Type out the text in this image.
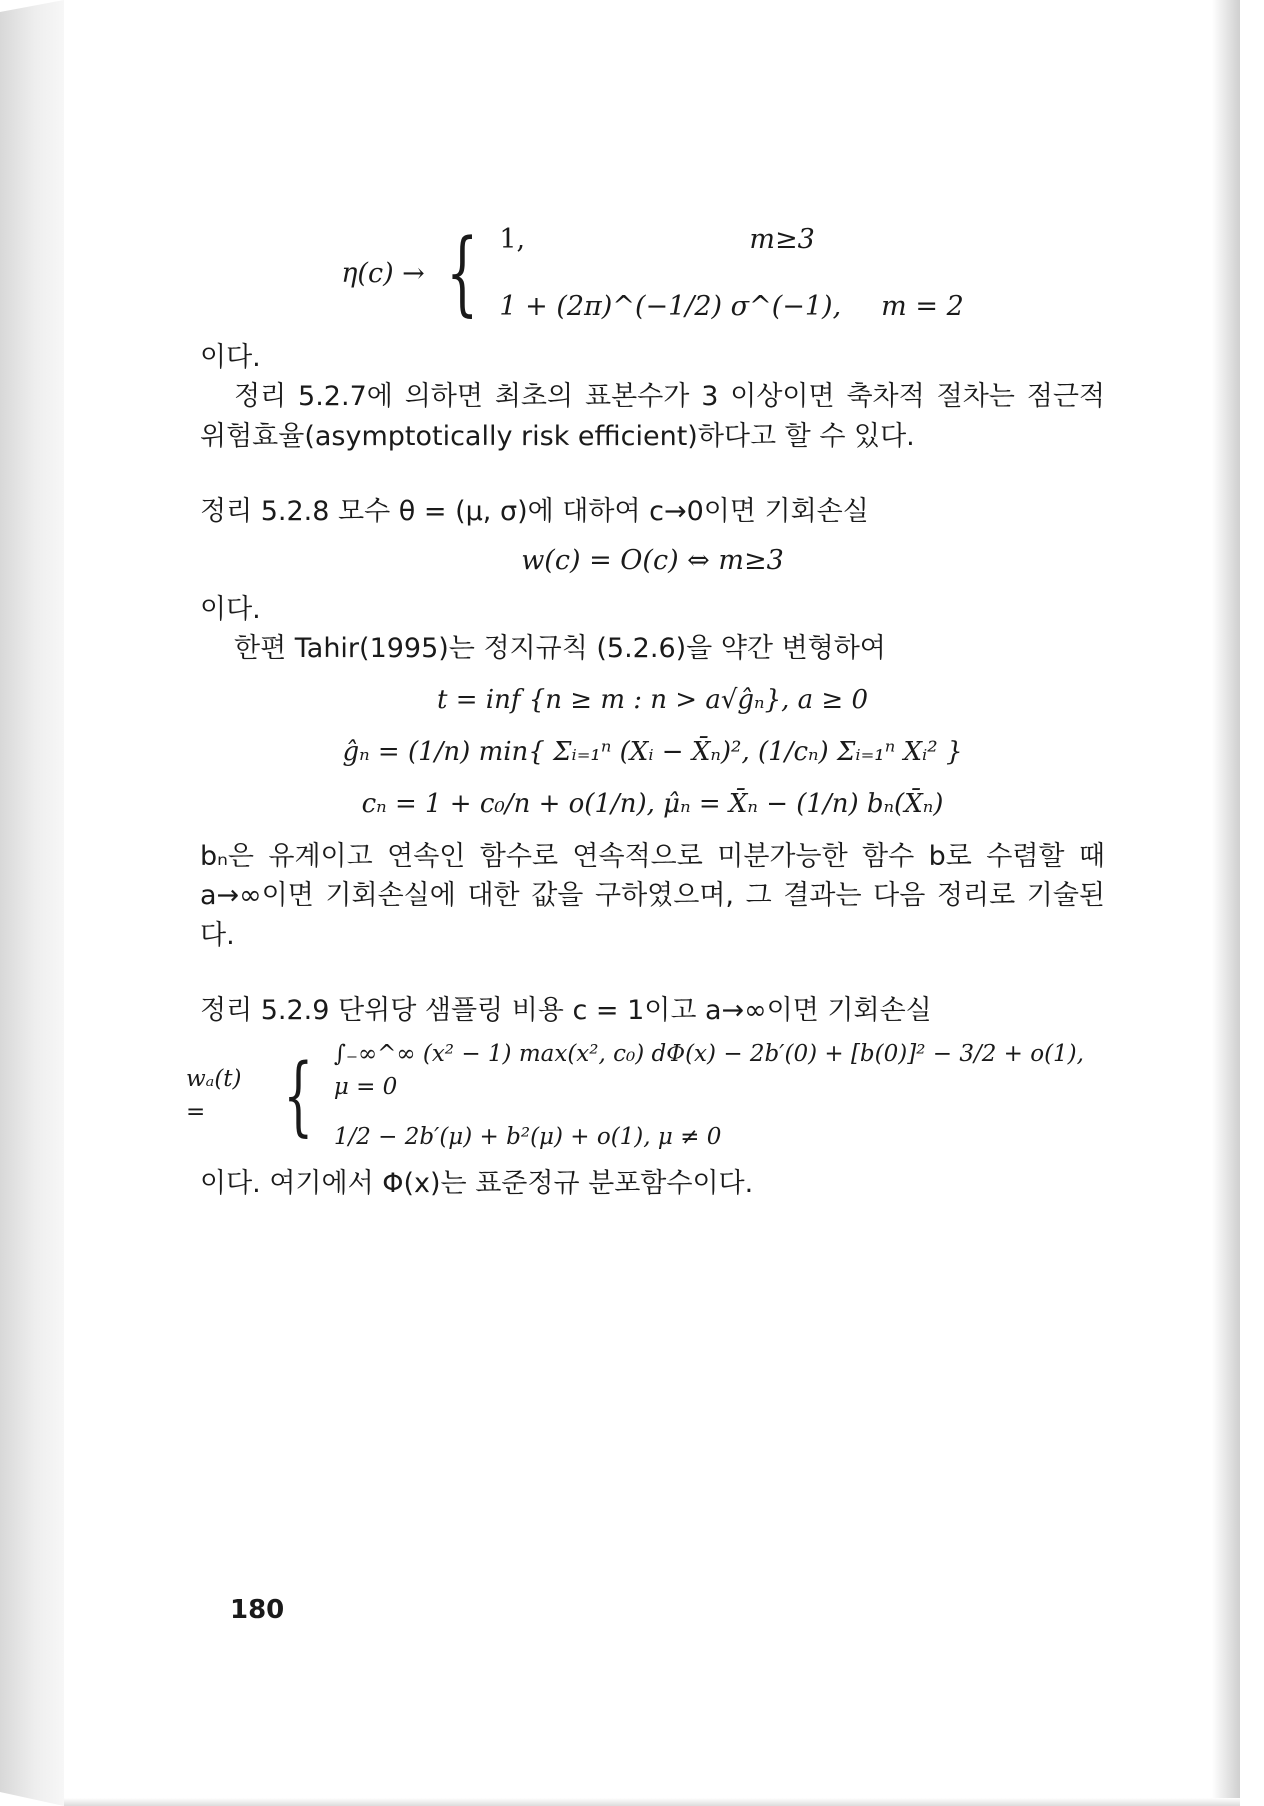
η(c) → { 1,	m≥3
1 + (2π)^(−1/2) σ^(−1), m = 2

이다.

정리 5.2.7에 의하면 최초의 표본수가 3 이상이면 축차적 절차는 점근적 위험효율(asymptotically risk efficient)하다고 할 수 있다.

정리 5.2.8 모수 θ = (μ, σ)에 대하여 c→0이면 기회손실

w(c) = O(c) ⇔ m≥3

이다.

한편 Tahir(1995)는 정지규칙 (5.2.6)을 약간 변형하여

t = inf {n ≥ m : n > a√ĝₙ}, a ≥ 0
ĝₙ = (1/n) min{ Σᵢ₌₁ⁿ (Xᵢ − X̄ₙ)², (1/cₙ) Σᵢ₌₁ⁿ Xᵢ² }
cₙ = 1 + c₀/n + o(1/n), μ̂ₙ = X̄ₙ − (1/n) bₙ(X̄ₙ)

bₙ은 유계이고 연속인 함수로 연속적으로 미분가능한 함수 b로 수렴할 때 a→∞이면 기회손실에 대한 값을 구하였으며, 그 결과는 다음 정리로 기술된다.

정리 5.2.9 단위당 샘플링 비용 c = 1이고 a→∞이면 기회손실

wₐ(t) = { ∫₋∞^∞ (x² − 1) max(x², c₀) dΦ(x) − 2b′(0) + [b(0)]² − 3/2 + o(1), μ = 0
1/2 − 2b′(μ) + b²(μ) + o(1), μ ≠ 0

이다. 여기에서 Φ(x)는 표준정규 분포함수이다.

180
